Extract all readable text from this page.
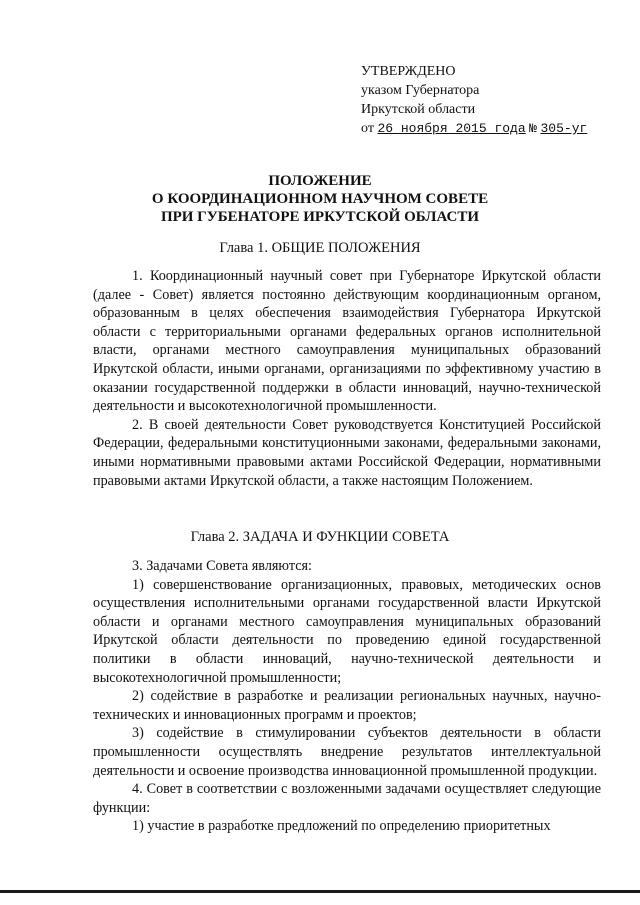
УТВЕРЖДЕНО
указом Губернатора
Иркутской области
от 26 ноября 2015 года № 305-уг
ПОЛОЖЕНИЕ
О КООРДИНАЦИОННОМ НАУЧНОМ СОВЕТЕ
ПРИ ГУБЕНАТОРЕ ИРКУТСКОЙ ОБЛАСТИ
Глава 1. ОБЩИЕ ПОЛОЖЕНИЯ

1. Координационный научный совет при Губернаторе Иркутской области (далее - Совет) является постоянно действующим координационным органом, образованным в целях обеспечения взаимодействия Губернатора Иркутской области с территориальными органами федеральных органов исполнительной власти, органами местного самоуправления муниципальных образований Иркутской области, иными органами, организациями по эффективному участию в оказании государственной поддержки в области инноваций, научно-технической деятельности и высокотехнологичной промышленности.

2. В своей деятельности Совет руководствуется Конституцией Российской Федерации, федеральными конституционными законами, федеральными законами, иными нормативными правовыми актами Российской Федерации, нормативными правовыми актами Иркутской области, а также настоящим Положением.

Глава 2. ЗАДАЧА И ФУНКЦИИ СОВЕТА

3. Задачами Совета являются:

1) совершенствование организационных, правовых, методических основ осуществления исполнительными органами государственной власти Иркутской области и органами местного самоуправления муниципальных образований Иркутской области деятельности по проведению единой государственной политики в области инноваций, научно-технической деятельности и высокотехнологичной промышленности;

2) содействие в разработке и реализации региональных научных, научно-технических и инновационных программ и проектов;

3) содействие в стимулировании субъектов деятельности в области промышленности осуществлять внедрение результатов интеллектуальной деятельности и освоение производства инновационной промышленной продукции.

4. Совет в соответствии с возложенными задачами осуществляет следующие функции:

1) участие в разработке предложений по определению приоритетных
